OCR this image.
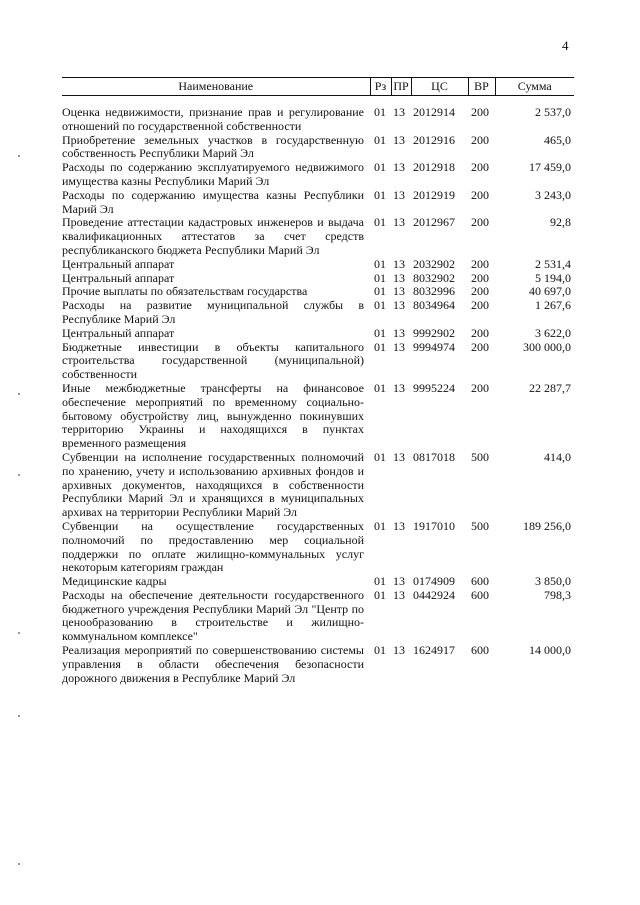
4
Наименование	Рз	ПР	ЦС	ВР	Сумма
Оценка недвижимости, признание прав и регулирование отношений по государственной собственности	01	13	2012914	200	2 537,0
Приобретение земельных участков в государственную собственность Республики Марий Эл	01	13	2012916	200	465,0
Расходы по содержанию эксплуатируемого недвижимого имущества казны Республики Марий Эл	01	13	2012918	200	17 459,0
Расходы по содержанию имущества казны Республики Марий Эл	01	13	2012919	200	3 243,0
Проведение аттестации кадастровых инженеров и выдача квалификационных аттестатов за счет средств республиканского бюджета Республики Марий Эл	01	13	2012967	200	92,8
Центральный аппарат	01	13	2032902	200	2 531,4
Центральный аппарат	01	13	8032902	200	5 194,0
Прочие выплаты по обязательствам государства	01	13	8032996	200	40 697,0
Расходы на развитие муниципальной службы в Республике Марий Эл	01	13	8034964	200	1 267,6
Центральный аппарат	01	13	9992902	200	3 622,0
Бюджетные инвестиции в объекты капитального строительства государственной (муниципальной) собственности	01	13	9994974	200	300 000,0
Иные межбюджетные трансферты на финансовое обеспечение мероприятий по временному социально-бытовому обустройству лиц, вынужденно покинувших территорию Украины и находящихся в пунктах временного размещения	01	13	9995224	200	22 287,7
Субвенции на исполнение государственных полномочий по хранению, учету и использованию архивных фондов и архивных документов, находящихся в собственности Республики Марий Эл и хранящихся в муниципальных архивах на территории Республики Марий Эл	01	13	0817018	500	414,0
Субвенции на осуществление государственных полномочий по предоставлению мер социальной поддержки по оплате жилищно-коммунальных услуг некоторым категориям граждан	01	13	1917010	500	189 256,0
Медицинские кадры	01	13	0174909	600	3 850,0
Расходы на обеспечение деятельности государственного бюджетного учреждения Республики Марий Эл "Центр по ценообразованию в строительстве и жилищно-коммунальном комплексе"	01	13	0442924	600	798,3
Реализация мероприятий по совершенствованию системы управления в области обеспечения безопасности дорожного движения в Республике Марий Эл	01	13	1624917	600	14 000,0
